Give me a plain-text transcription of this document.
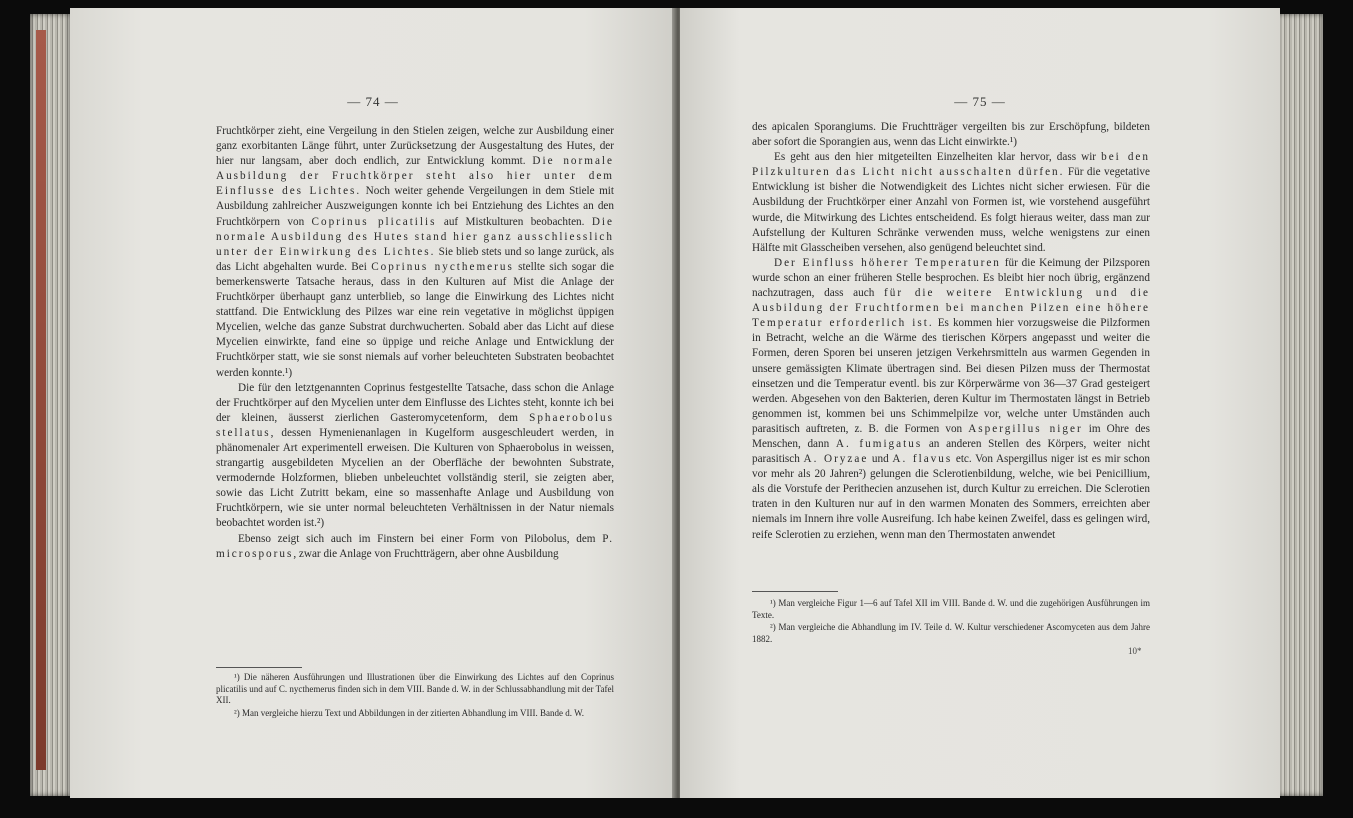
— 74 —

Fruchtkörper zieht, eine Vergeilung in den Stielen zeigen, welche zur Ausbildung einer ganz exorbitanten Länge führt, unter Zurücksetzung der Ausgestaltung des Hutes, der hier nur langsam, aber doch endlich, zur Entwicklung kommt. Die normale Ausbildung der Fruchtkörper steht also hier unter dem Einflusse des Lichtes. Noch weiter gehende Vergeilungen in dem Stiele mit Ausbildung zahlreicher Auszweigungen konnte ich bei Entziehung des Lichtes an den Fruchtkörpern von Coprinus plicatilis auf Mistkulturen beobachten. Die normale Ausbildung des Hutes stand hier ganz ausschliesslich unter der Einwirkung des Lichtes. Sie blieb stets und so lange zurück, als das Licht abgehalten wurde. Bei Coprinus nycthemerus stellte sich sogar die bemerkenswerte Tatsache heraus, dass in den Kulturen auf Mist die Anlage der Fruchtkörper überhaupt ganz unterblieb, so lange die Einwirkung des Lichtes nicht stattfand. Die Entwicklung des Pilzes war eine rein vegetative in möglichst üppigen Mycelien, welche das ganze Substrat durchwucherten. Sobald aber das Licht auf diese Mycelien einwirkte, fand eine so üppige und reiche Anlage und Entwicklung der Fruchtkörper statt, wie sie sonst niemals auf vorher beleuchteten Substraten beobachtet werden konnte.¹)

Die für den letztgenannten Coprinus festgestellte Tatsache, dass schon die Anlage der Fruchtkörper auf den Mycelien unter dem Einflusse des Lichtes steht, konnte ich bei der kleinen, äusserst zierlichen Gasteromycetenform, dem Sphaerobolus stellatus, dessen Hymenienanlagen in Kugelform ausgeschleudert werden, in phänomenaler Art experimentell erweisen. Die Kulturen von Sphaerobolus in weissen, strangartig ausgebildeten Mycelien an der Oberfläche der bewohnten Substrate, vermodernde Holzformen, blieben unbeleuchtet vollständig steril, sie zeigten aber, sowie das Licht Zutritt bekam, eine so massenhafte Anlage und Ausbildung von Fruchtkörpern, wie sie unter normal beleuchteten Verhältnissen in der Natur niemals beobachtet worden ist.²)

Ebenso zeigt sich auch im Finstern bei einer Form von Pilobolus, dem P. microsporus, zwar die Anlage von Fruchtträgern, aber ohne Ausbildung

¹) Die näheren Ausführungen und Illustrationen über die Einwirkung des Lichtes auf den Coprinus plicatilis und auf C. nycthemerus finden sich in dem VIII. Bande d. W. in der Schlussabhandlung mit der Tafel XII.

²) Man vergleiche hierzu Text und Abbildungen in der zitierten Abhandlung im VIII. Bande d. W.

— 75 —

des apicalen Sporangiums. Die Fruchtträger vergeilten bis zur Erschöpfung, bildeten aber sofort die Sporangien aus, wenn das Licht einwirkte.¹)

Es geht aus den hier mitgeteilten Einzelheiten klar hervor, dass wir bei den Pilzkulturen das Licht nicht ausschalten dürfen. Für die vegetative Entwicklung ist bisher die Notwendigkeit des Lichtes nicht sicher erwiesen. Für die Ausbildung der Fruchtkörper einer Anzahl von Formen ist, wie vorstehend ausgeführt wurde, die Mitwirkung des Lichtes entscheidend. Es folgt hieraus weiter, dass man zur Aufstellung der Kulturen Schränke verwenden muss, welche wenigstens zur einen Hälfte mit Glasscheiben versehen, also genügend beleuchtet sind.

Der Einfluss höherer Temperaturen für die Keimung der Pilzsporen wurde schon an einer früheren Stelle besprochen. Es bleibt hier noch übrig, ergänzend nachzutragen, dass auch für die weitere Entwicklung und die Ausbildung der Fruchtformen bei manchen Pilzen eine höhere Temperatur erforderlich ist. Es kommen hier vorzugsweise die Pilzformen in Betracht, welche an die Wärme des tierischen Körpers angepasst und weiter die Formen, deren Sporen bei unseren jetzigen Verkehrsmitteln aus warmen Gegenden in unsere gemässigten Klimate übertragen sind. Bei diesen Pilzen muss der Thermostat einsetzen und die Temperatur eventl. bis zur Körperwärme von 36—37 Grad gesteigert werden. Abgesehen von den Bakterien, deren Kultur im Thermostaten längst in Betrieb genommen ist, kommen bei uns Schimmelpilze vor, welche unter Umständen auch parasitisch auftreten, z. B. die Formen von Aspergillus niger im Ohre des Menschen, dann A. fumigatus an anderen Stellen des Körpers, weiter nicht parasitisch A. Oryzae und A. flavus etc. Von Aspergillus niger ist es mir schon vor mehr als 20 Jahren²) gelungen die Sclerotienbildung, welche, wie bei Penicillium, als die Vorstufe der Perithecien anzusehen ist, durch Kultur zu erreichen. Die Sclerotien traten in den Kulturen nur auf in den warmen Monaten des Sommers, erreichten aber niemals im Innern ihre volle Ausreifung. Ich habe keinen Zweifel, dass es gelingen wird, reife Sclerotien zu erziehen, wenn man den Thermostaten anwendet

¹) Man vergleiche Figur 1—6 auf Tafel XII im VIII. Bande d. W. und die zugehörigen Ausführungen im Texte.

²) Man vergleiche die Abhandlung im IV. Teile d. W. Kultur verschiedener Ascomyceten aus dem Jahre 1882.

10*
